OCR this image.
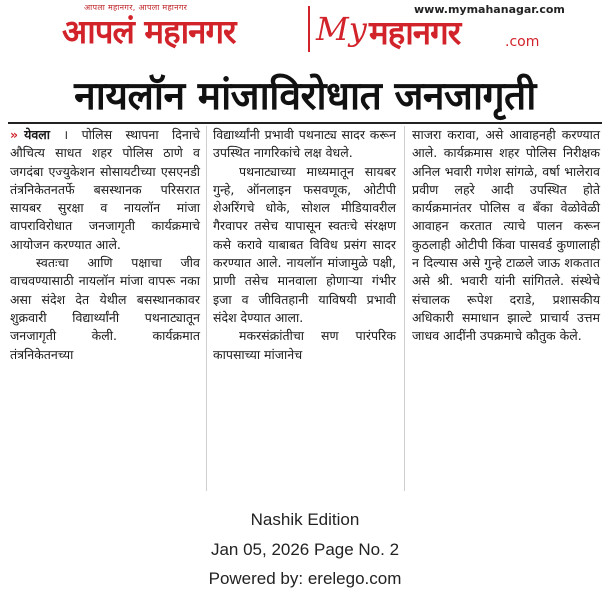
आपला महानगर, आपला महानगर
आपलं महानगर
www.mymahanagar.com
My महानगर	.com
नायलॉन मांजाविरोधात जनजागृती

» येवला । पोलिस स्थापना दिनाचे औचित्य साधत शहर पोलिस ठाणे व जगदंबा एज्युकेशन सोसायटीच्या एसएनडी तंत्रनिकेतनतर्फे बसस्थानक परिसरात सायबर सुरक्षा व नायलॉन मांजा वापराविरोधात जनजागृती कार्यक्रमाचे आयोजन करण्यात आले.

स्वतःचा आणि पक्षाचा जीव वाचवण्यासाठी नायलॉन मांजा वापरू नका असा संदेश देत येथील बसस्थानकावर शुक्रवारी विद्यार्थ्यांनी पथनाट्यातून जनजागृती केली. कार्यक्रमात तंत्रनिकेतनच्या

विद्यार्थ्यांनी प्रभावी पथनाट्य सादर करून उपस्थित नागरिकांचे लक्ष वेधले.

पथनाट्याच्या माध्यमातून सायबर गुन्हे, ऑनलाइन फसवणूक, ओटीपी शेअरिंगचे धोके, सोशल मीडियावरील गैरवापर तसेच यापासून स्वतःचे संरक्षण कसे करावे याबाबत विविध प्रसंग सादर करण्यात आले. नायलॉन मांजामुळे पक्षी, प्राणी तसेच मानवाला होणाऱ्या गंभीर इजा व जीवितहानी याविषयी प्रभावी संदेश देण्यात आला.

मकरसंक्रांतीचा सण पारंपरिक कापसाच्या मांजानेच

साजरा करावा, असे आवाहनही करण्यात आले. कार्यक्रमास शहर पोलिस निरीक्षक अनिल भवारी गणेश सांगळे, वर्षा भालेराव प्रवीण लहरे आदी उपस्थित होते कार्यक्रमानंतर पोलिस व बँका वेळोवेळी आवाहन करतात त्याचे पालन करून कुठलाही ओटीपी किंवा पासवर्ड कुणालाही न दिल्यास असे गुन्हे टाळले जाऊ शकतात असे श्री. भवारी यांनी सांगितले. संस्थेचे संचालक रूपेश दराडे, प्रशासकीय अधिकारी समाधान झाल्टे प्राचार्य उत्तम जाधव आदींनी उपक्रमाचे कौतुक केले.

Nashik Edition
Jan 05, 2026 Page No. 2
Powered by: erelego.com
